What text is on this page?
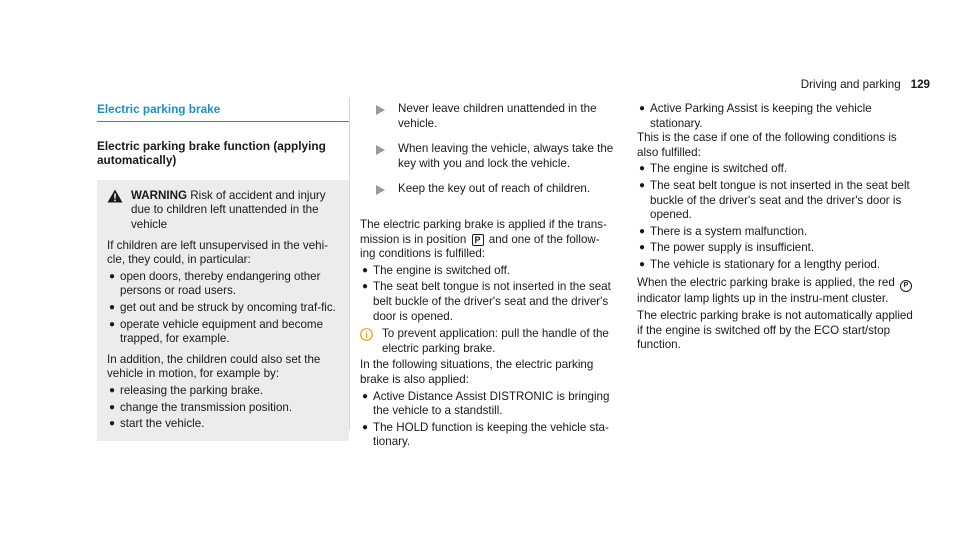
Driving and parking 129
Electric parking brake
Electric parking brake function (applying automatically)
WARNING Risk of accident and injury due to children left unattended in the vehicle

If children are left unsupervised in the vehi-cle, they could, in particular:

● open doors, thereby endangering other persons or road users.
● get out and be struck by oncoming traf-fic.
● operate vehicle equipment and become trapped, for example.

In addition, the children could also set the vehicle in motion, for example by:

● releasing the parking brake.
● change the transmission position.
● start the vehicle.
Never leave children unattended in the vehicle.
When leaving the vehicle, always take the key with you and lock the vehicle.
Keep the key out of reach of children.

The electric parking brake is applied if the trans-mission is in position P and one of the follow-ing conditions is fulfilled:

● The engine is switched off.
● The seat belt tongue is not inserted in the seat belt buckle of the driver's seat and the driver's door is opened.
To prevent application: pull the handle of the electric parking brake.

In the following situations, the electric parking brake is also applied:

● Active Distance Assist DISTRONIC is bringing the vehicle to a standstill.
● The HOLD function is keeping the vehicle sta-tionary.
● Active Parking Assist is keeping the vehicle stationary.

This is the case if one of the following conditions is also fulfilled:

● The engine is switched off.
● The seat belt tongue is not inserted in the seat belt buckle of the driver's seat and the driver's door is opened.
● There is a system malfunction.
● The power supply is insufficient.
● The vehicle is stationary for a lengthy period.

When the electric parking brake is applied, the red P indicator lamp lights up in the instru-ment cluster.

The electric parking brake is not automatically applied if the engine is switched off by the ECO start/stop function.
